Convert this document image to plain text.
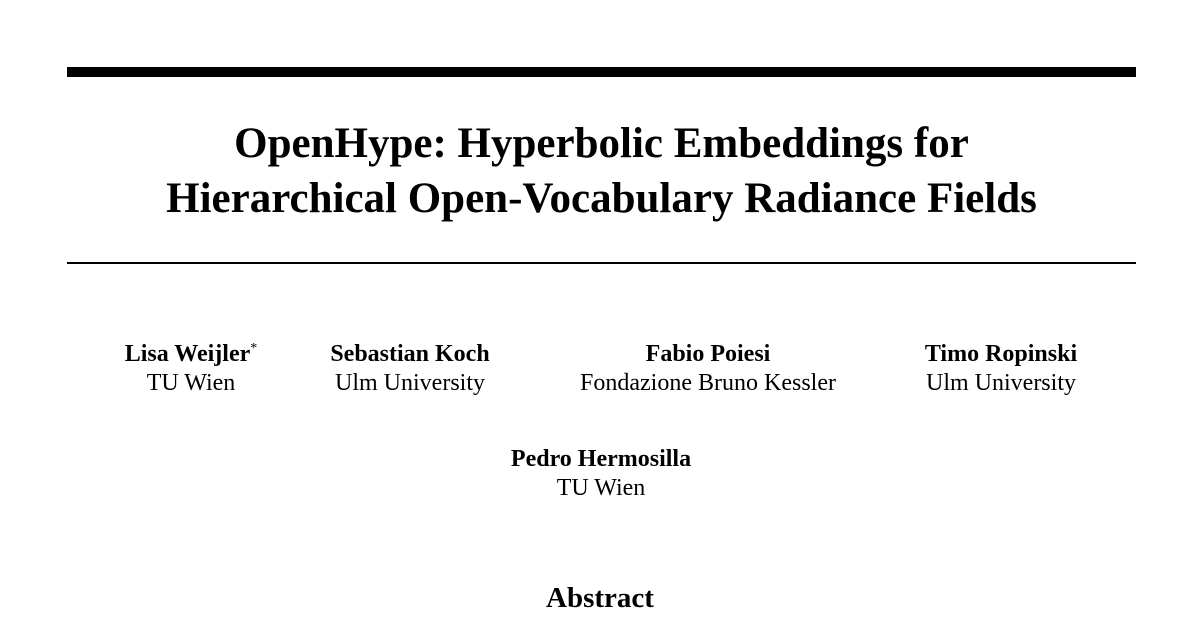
OpenHype: Hyperbolic Embeddings for
Hierarchical Open-Vocabulary Radiance Fields
Lisa Weijler*
TU Wien
Sebastian Koch
Ulm University
Fabio Poiesi
Fondazione Bruno Kessler
Timo Ropinski
Ulm University
Pedro Hermosilla
TU Wien
Abstract
